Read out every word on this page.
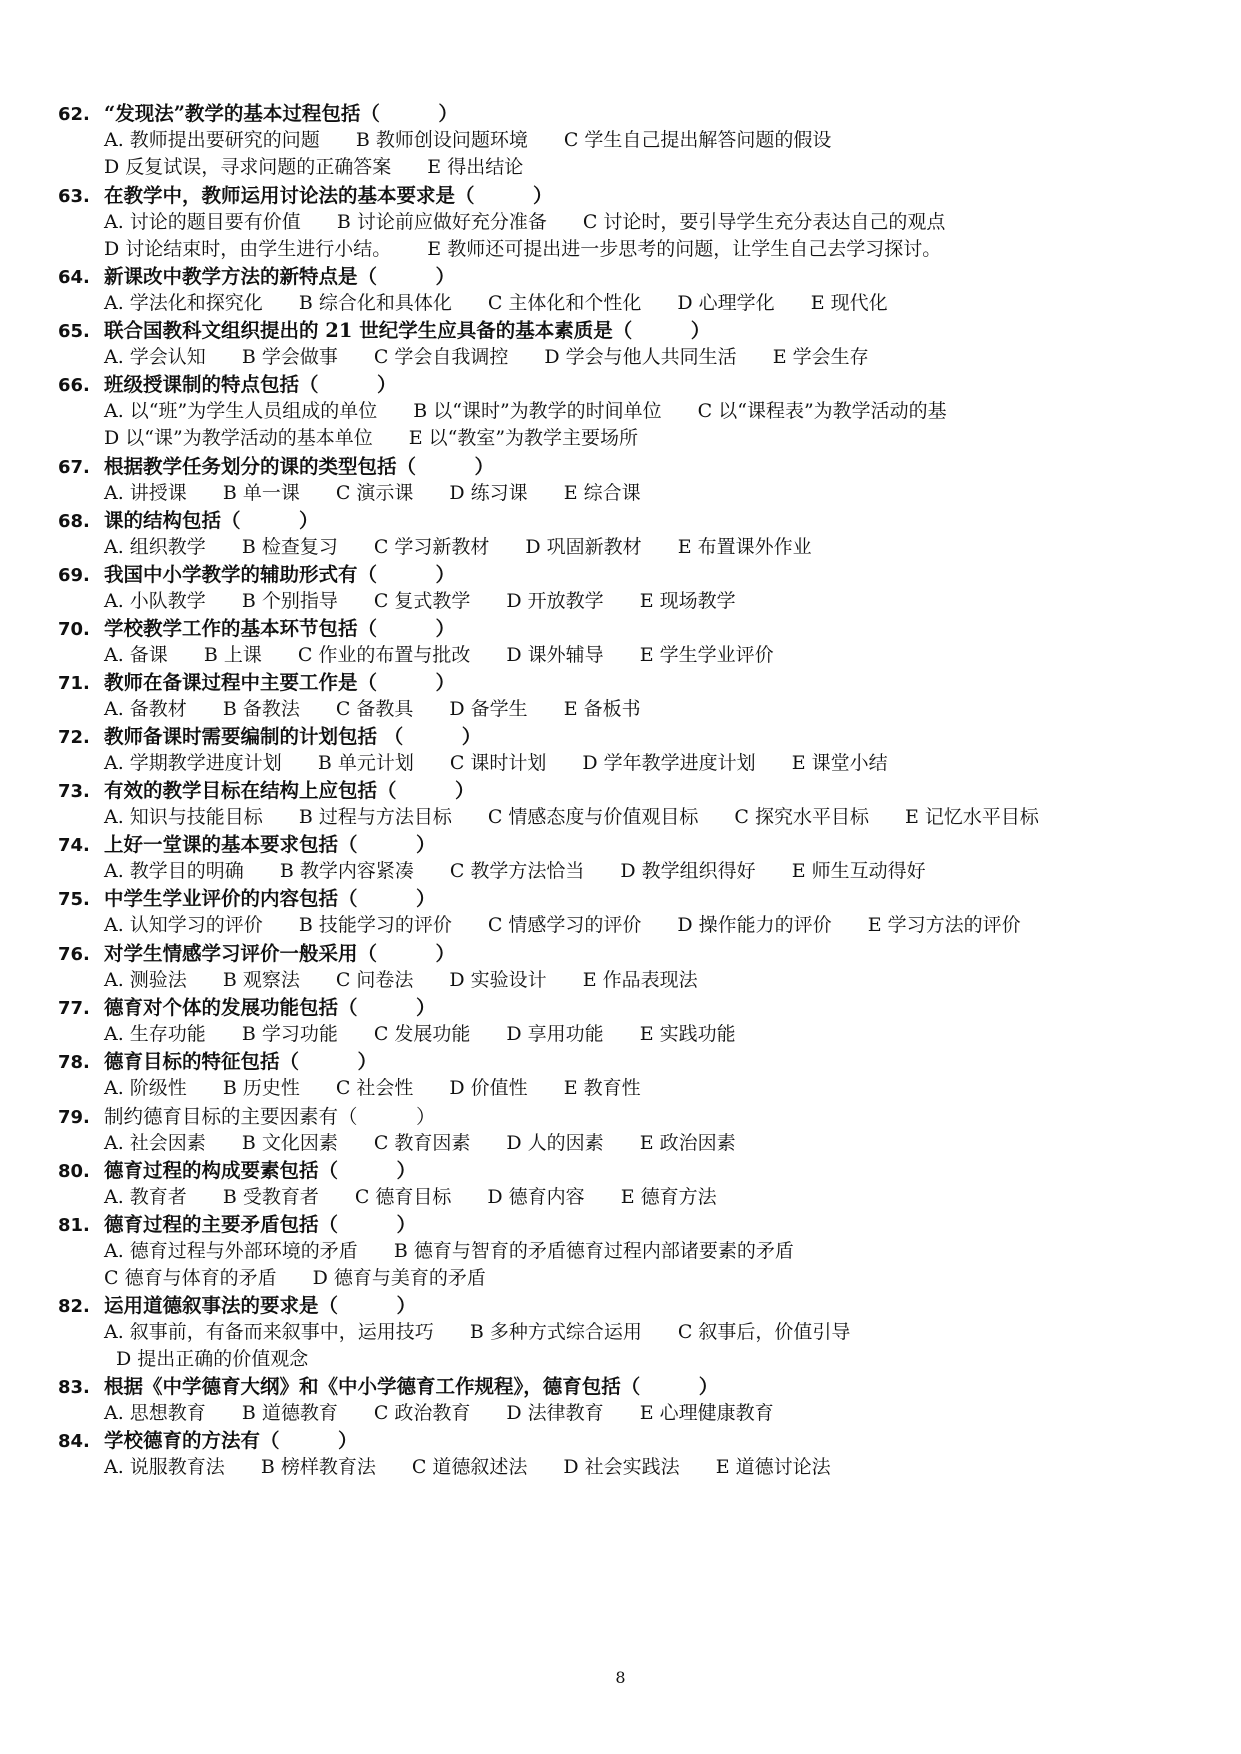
62. “发现法”教学的基本过程包括（　　　）
A. 教师提出要研究的问题 B 教师创设问题环境 C 学生自己提出解答问题的假设
D 反复试误，寻求问题的正确答案 E 得出结论
63. 在教学中，教师运用讨论法的基本要求是（　　　）
A. 讨论的题目要有价值 B 讨论前应做好充分准备 C 讨论时，要引导学生充分表达自己的观点
D 讨论结束时，由学生进行小结。 E 教师还可提出进一步思考的问题，让学生自己去学习探讨。
64. 新课改中教学方法的新特点是（　　　）
A. 学法化和探究化 B 综合化和具体化 C 主体化和个性化 D 心理学化 E 现代化
65. 联合国教科文组织提出的 21 世纪学生应具备的基本素质是（　　　）
A. 学会认知 B 学会做事 C 学会自我调控 D 学会与他人共同生活 E 学会生存
66. 班级授课制的特点包括（　　　）
A. 以“班”为学生人员组成的单位 B 以“课时”为教学的时间单位 C 以“课程表”为教学活动的基
D 以“课”为教学活动的基本单位 E 以“教室”为教学主要场所
67. 根据教学任务划分的课的类型包括（　　　）
A. 讲授课 B 单一课 C 演示课 D 练习课 E 综合课
68. 课的结构包括（　　　）
A. 组织教学 B 检查复习 C 学习新教材 D 巩固新教材 E 布置课外作业
69. 我国中小学教学的辅助形式有（　　　）
A. 小队教学 B 个别指导 C 复式教学 D 开放教学 E 现场教学
70. 学校教学工作的基本环节包括（　　　）
A. 备课 B 上课 C 作业的布置与批改 D 课外辅导 E 学生学业评价
71. 教师在备课过程中主要工作是（　　　）
A. 备教材 B 备教法 C 备教具 D 备学生 E 备板书
72. 教师备课时需要编制的计划包括 （　　　）
A. 学期教学进度计划 B 单元计划 C 课时计划 D 学年教学进度计划 E 课堂小结
73. 有效的教学目标在结构上应包括（　　　）
A. 知识与技能目标 B 过程与方法目标 C 情感态度与价值观目标 C 探究水平目标 E 记忆水平目标
74. 上好一堂课的基本要求包括（　　　）
A. 教学目的明确 B 教学内容紧凑 C 教学方法恰当 D 教学组织得好 E 师生互动得好
75. 中学生学业评价的内容包括（　　　）
A. 认知学习的评价 B 技能学习的评价 C 情感学习的评价 D 操作能力的评价 E 学习方法的评价
76. 对学生情感学习评价一般采用（　　　）
A. 测验法 B 观察法 C 问卷法 D 实验设计 E 作品表现法
77. 德育对个体的发展功能包括（　　　）
A. 生存功能 B 学习功能 C 发展功能 D 享用功能 E 实践功能
78. 德育目标的特征包括（　　　）
A. 阶级性 B 历史性 C 社会性 D 价值性 E 教育性
79. 制约德育目标的主要因素有（　　　）
A. 社会因素 B 文化因素 C 教育因素 D 人的因素 E 政治因素
80. 德育过程的构成要素包括（　　　）
A. 教育者 B 受教育者 C 德育目标 D 德育内容 E 德育方法
81. 德育过程的主要矛盾包括（　　　）
A. 德育过程与外部环境的矛盾 B 德育与智育的矛盾德育过程内部诸要素的矛盾
C 德育与体育的矛盾 D 德育与美育的矛盾
82. 运用道德叙事法的要求是（　　　）
A. 叙事前，有备而来叙事中，运用技巧 B 多种方式综合运用 C 叙事后，价值引导
D 提出正确的价值观念
83. 根据《中学德育大纲》和《中小学德育工作规程》，德育包括（　　　）
A. 思想教育 B 道德教育 C 政治教育 D 法律教育 E 心理健康教育
84. 学校德育的方法有（　　　）
A. 说服教育法 B 榜样教育法 C 道德叙述法 D 社会实践法 E 道德讨论法
8
